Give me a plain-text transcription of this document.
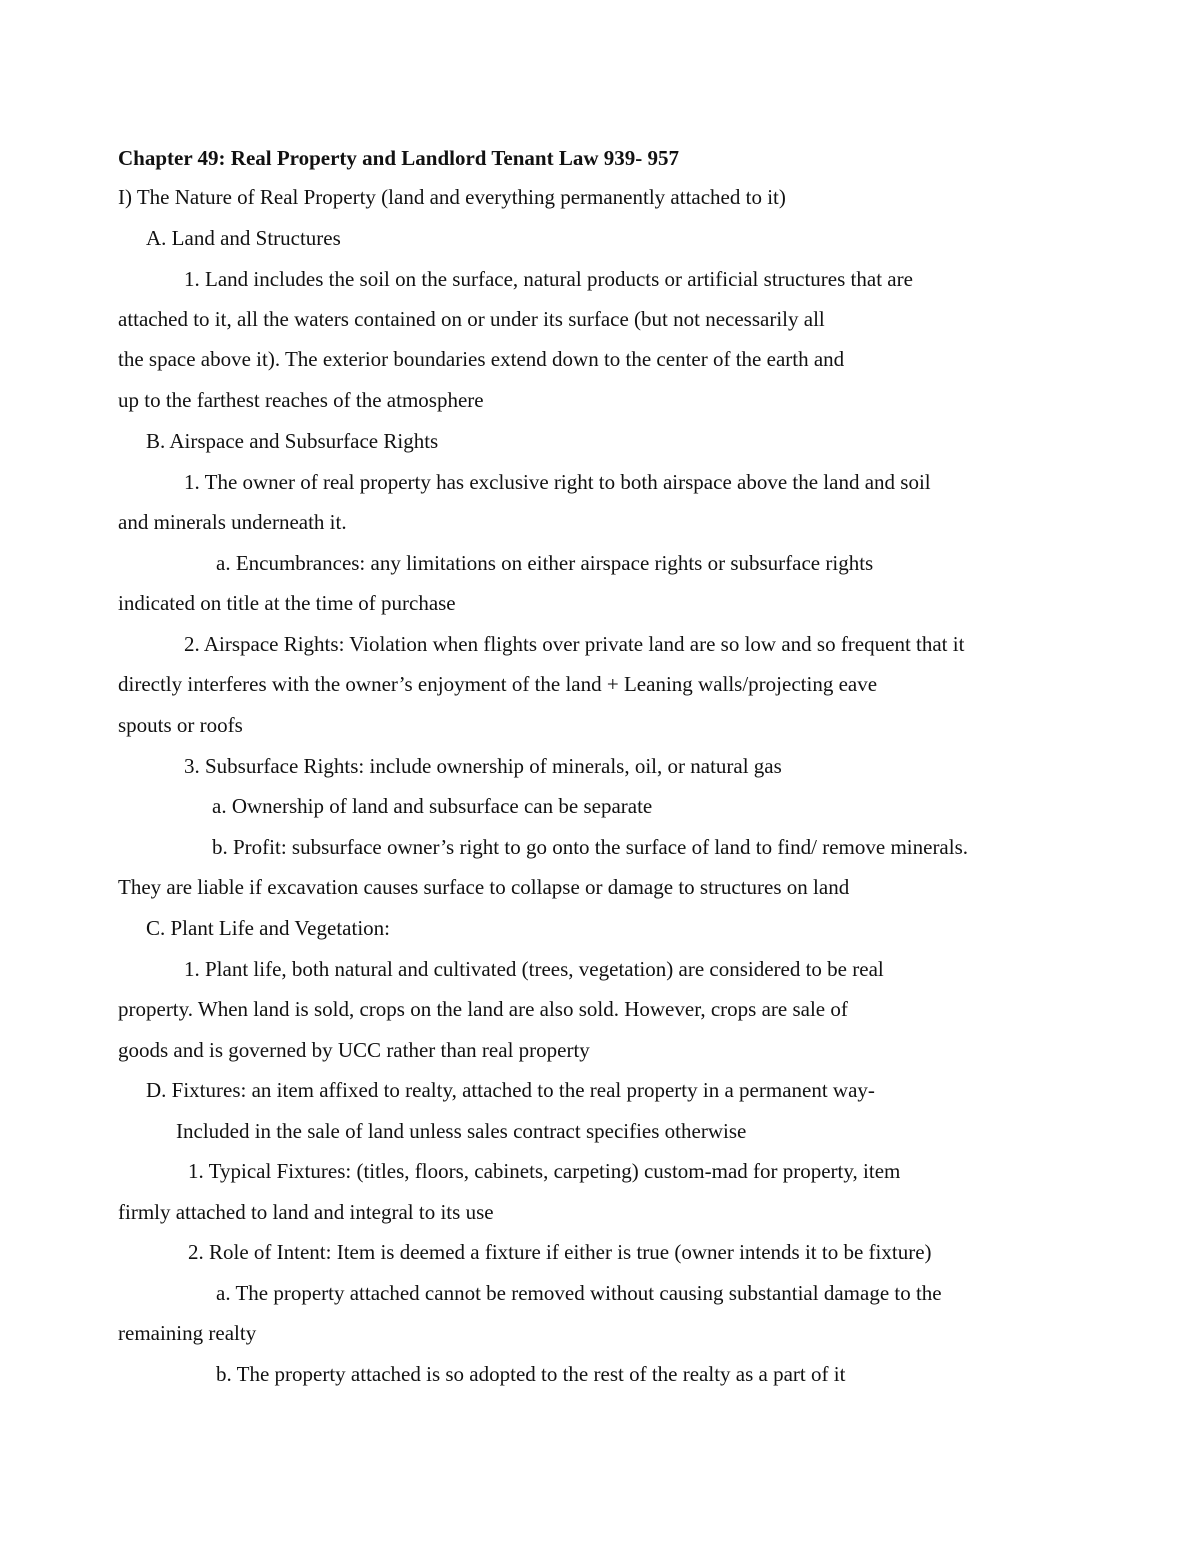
Chapter 49: Real Property and Landlord Tenant Law 939- 957
I) The Nature of Real Property (land and everything permanently attached to it)
A. Land and Structures
1. Land includes the soil on the surface, natural products or artificial structures that are
attached to it, all the waters contained on or under its surface (but not necessarily all
the space above it). The exterior boundaries extend down to the center of the earth and
up to the farthest reaches of the atmosphere
B. Airspace and Subsurface Rights
1. The owner of real property has exclusive right to both airspace above the land and soil
and minerals underneath it.
a. Encumbrances: any limitations on either airspace rights or subsurface rights
indicated on title at the time of purchase
2. Airspace Rights: Violation when flights over private land are so low and so frequent that it
directly interferes with the owner’s enjoyment of the land + Leaning walls/projecting eave
spouts or roofs
3. Subsurface Rights: include ownership of minerals, oil, or natural gas
a. Ownership of land and subsurface can be separate
b. Profit: subsurface owner’s right to go onto the surface of land to find/ remove minerals.
They are liable if excavation causes surface to collapse or damage to structures on land
C. Plant Life and Vegetation:
1. Plant life, both natural and cultivated (trees, vegetation) are considered to be real
property. When land is sold, crops on the land are also sold. However, crops are sale of
goods and is governed by UCC rather than real property
D. Fixtures: an item affixed to realty, attached to the real property in a permanent way-
Included in the sale of land unless sales contract specifies otherwise
1. Typical Fixtures: (titles, floors, cabinets, carpeting) custom-mad for property, item
firmly attached to land and integral to its use
2. Role of Intent: Item is deemed a fixture if either is true (owner intends it to be fixture)
a. The property attached cannot be removed without causing substantial damage to the
remaining realty
b. The property attached is so adopted to the rest of the realty as a part of it
